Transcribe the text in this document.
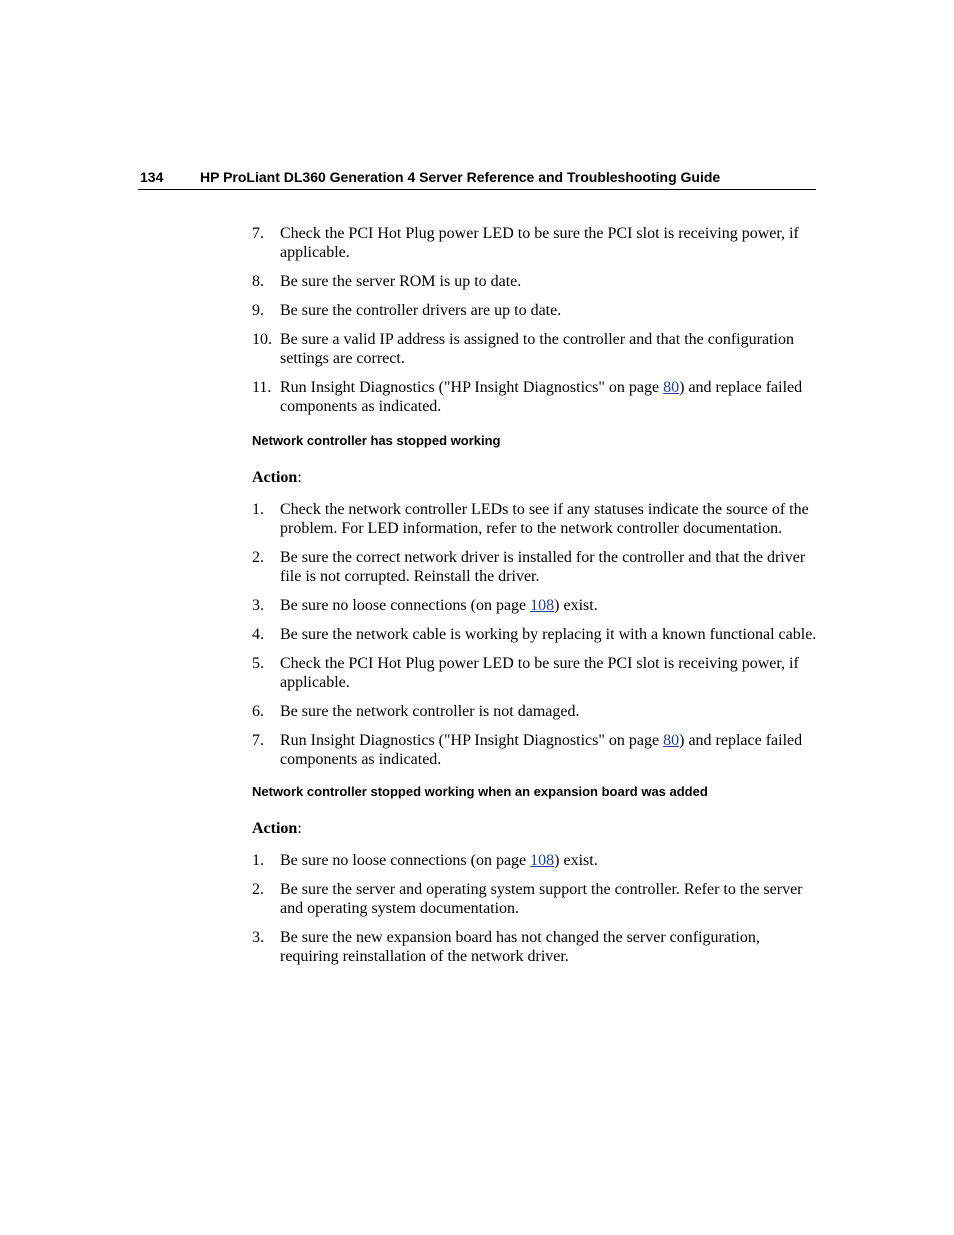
134	HP ProLiant DL360 Generation 4 Server Reference and Troubleshooting Guide
7. Check the PCI Hot Plug power LED to be sure the PCI slot is receiving power, if applicable.
8. Be sure the server ROM is up to date.
9. Be sure the controller drivers are up to date.
10. Be sure a valid IP address is assigned to the controller and that the configuration settings are correct.
11. Run Insight Diagnostics ("HP Insight Diagnostics" on page 80) and replace failed components as indicated.
Network controller has stopped working

Action:

1. Check the network controller LEDs to see if any statuses indicate the source of the problem. For LED information, refer to the network controller documentation.
2. Be sure the correct network driver is installed for the controller and that the driver file is not corrupted. Reinstall the driver.
3. Be sure no loose connections (on page 108) exist.
4. Be sure the network cable is working by replacing it with a known functional cable.
5. Check the PCI Hot Plug power LED to be sure the PCI slot is receiving power, if applicable.
6. Be sure the network controller is not damaged.
7. Run Insight Diagnostics ("HP Insight Diagnostics" on page 80) and replace failed components as indicated.
Network controller stopped working when an expansion board was added

Action:

1. Be sure no loose connections (on page 108) exist.
2. Be sure the server and operating system support the controller. Refer to the server and operating system documentation.
3. Be sure the new expansion board has not changed the server configuration, requiring reinstallation of the network driver.
